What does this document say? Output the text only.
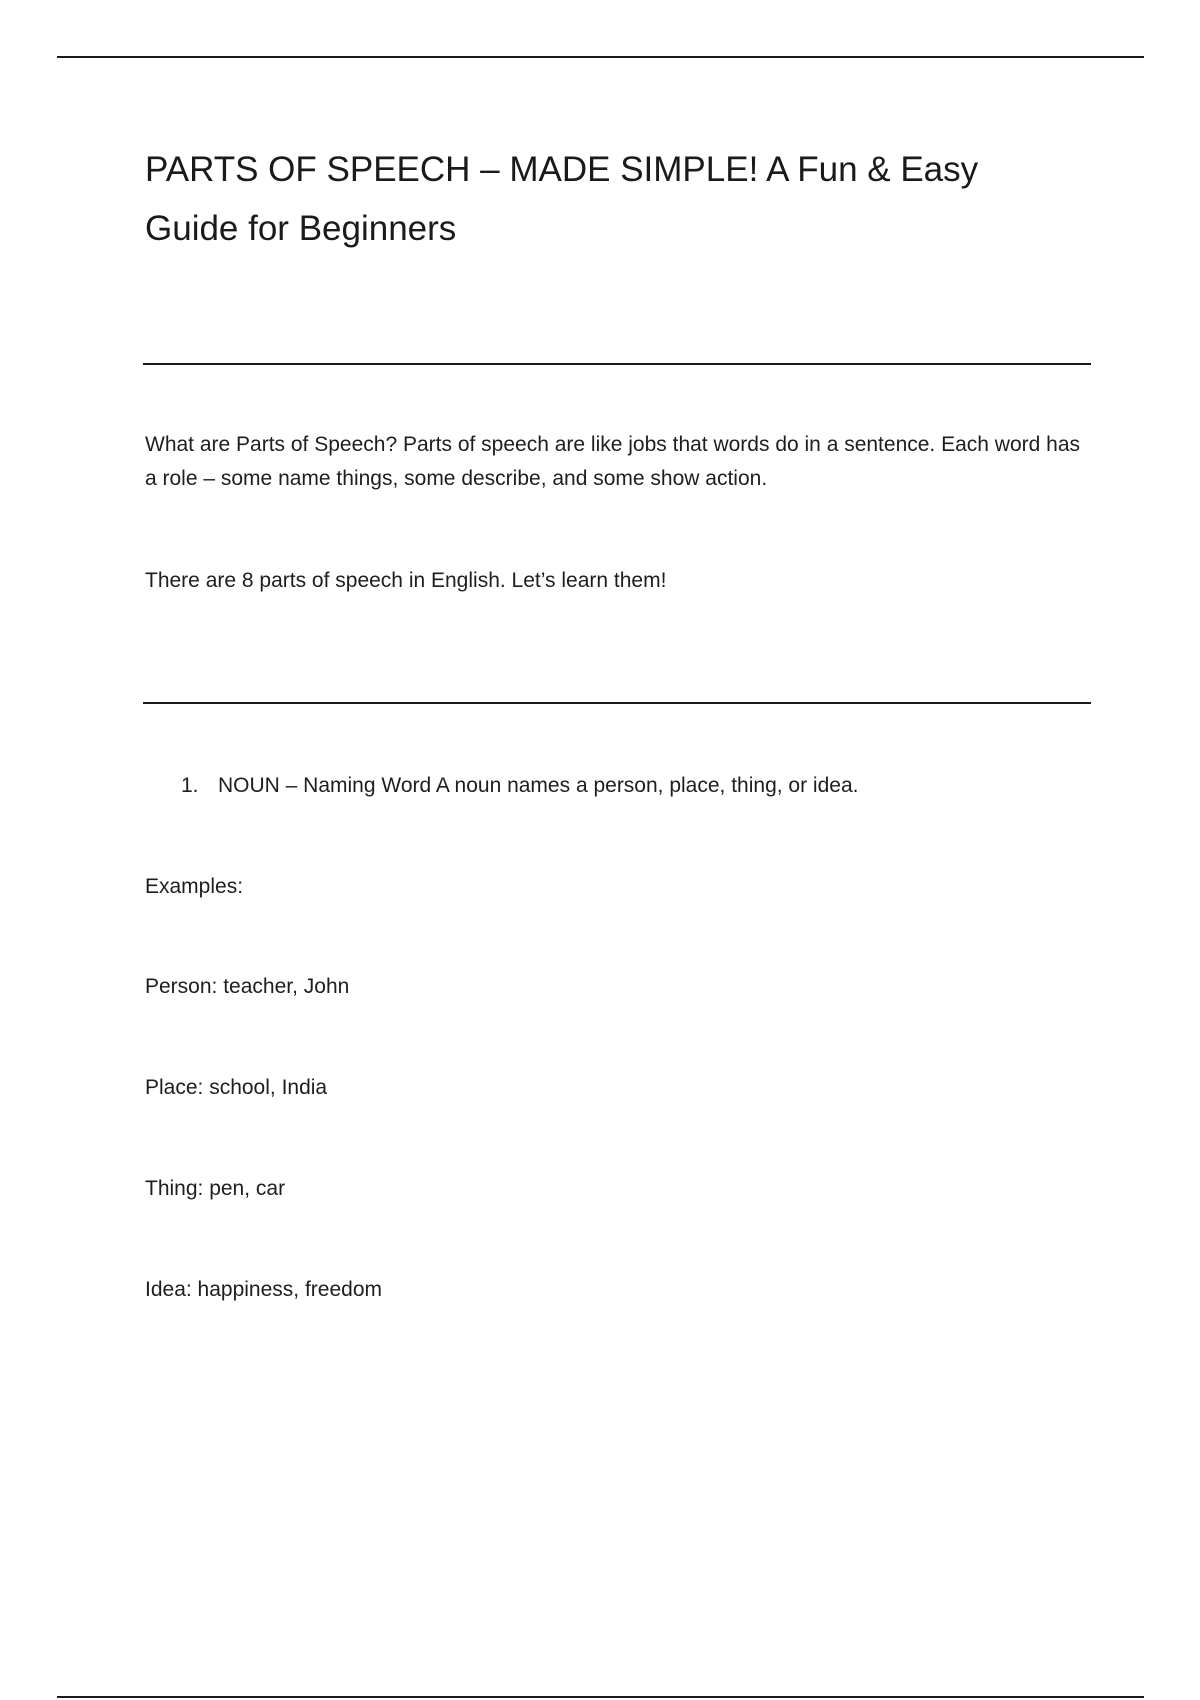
PARTS OF SPEECH – MADE SIMPLE! A Fun & Easy Guide for Beginners

What are Parts of Speech? Parts of speech are like jobs that words do in a sentence. Each word has a role – some name things, some describe, and some show action.

There are 8 parts of speech in English. Let’s learn them!

1. NOUN – Naming Word A noun names a person, place, thing, or idea.

Examples:

Person: teacher, John

Place: school, India

Thing: pen, car

Idea: happiness, freedom
